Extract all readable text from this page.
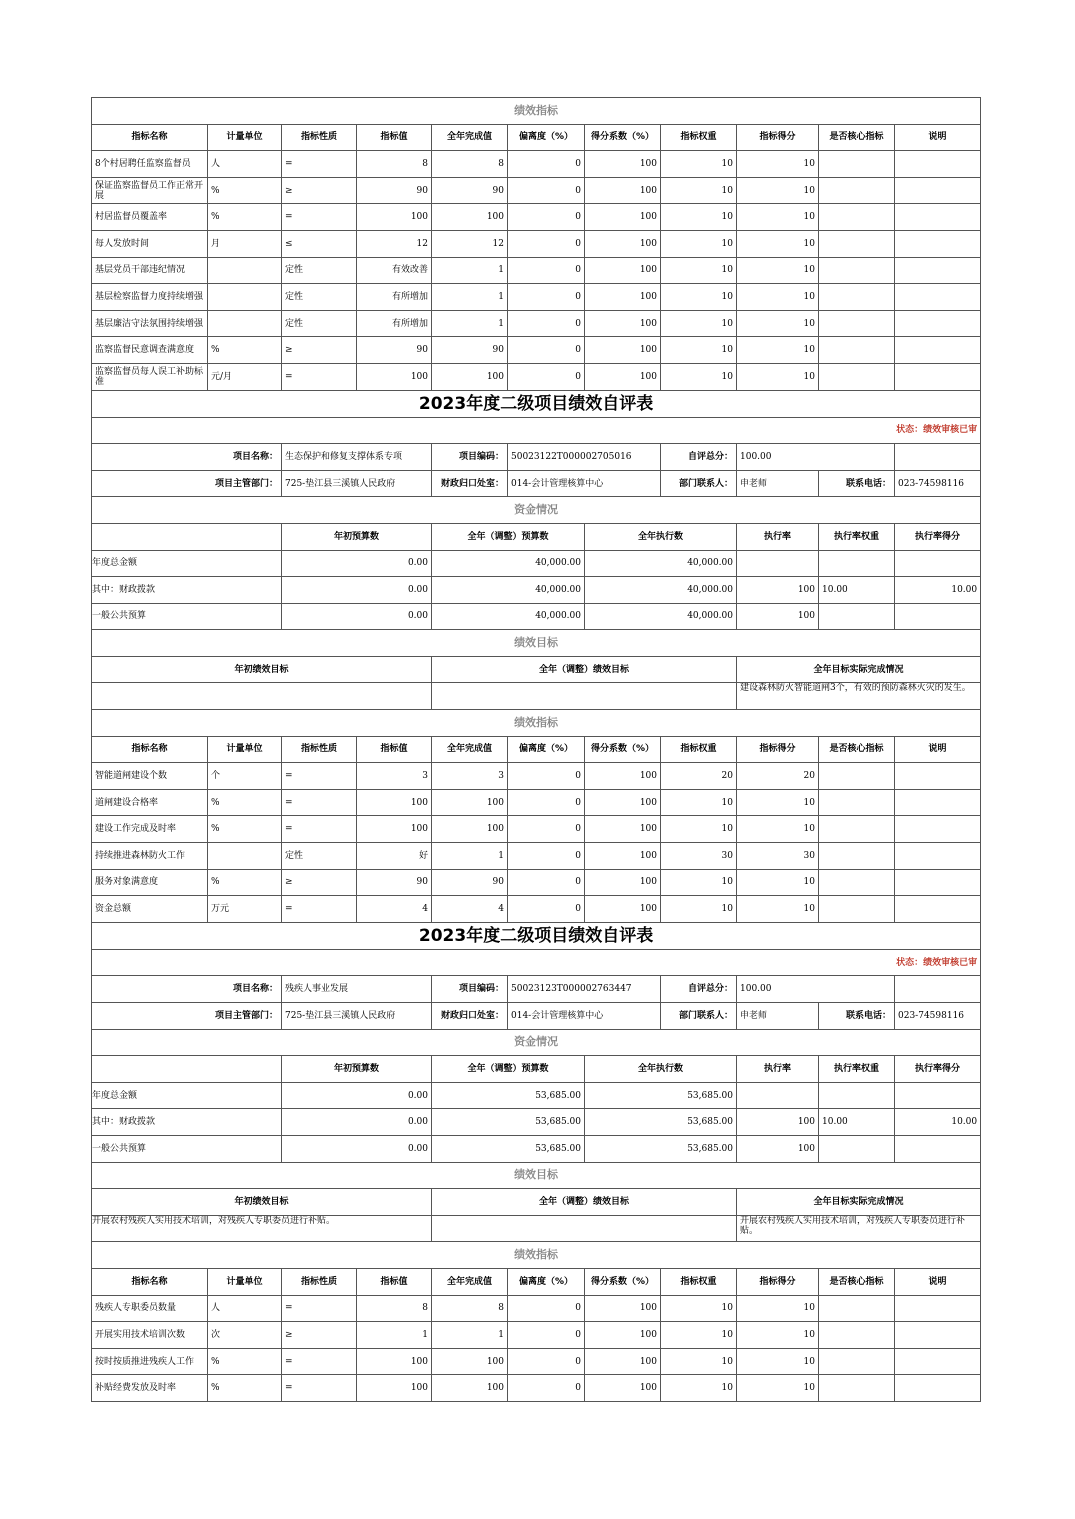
绩效指标										
指标名称	计量单位	指标性质	指标值	全年完成值	偏离度（%）	得分系数（%）	指标权重	指标得分	是否核心指标	说明
8个村居聘任监察监督员	人	=	8	8	0	100	10	10		
保证监察监督员工作正常开展	%	≥	90	90	0	100	10	10		
村居监督员覆盖率	%	=	100	100	0	100	10	10		
每人发放时间	月	≤	12	12	0	100	10	10		
基层党员干部违纪情况		定性	有效改善	1	0	100	10	10		
基层检察监督力度持续增强		定性	有所增加	1	0	100	10	10		
基层廉洁守法氛围持续增强		定性	有所增加	1	0	100	10	10		
监察监督民意调查满意度	%	≥	90	90	0	100	10	10		
监察监督员每人误工补助标准	元/月	=	100	100	0	100	10	10		
2023年度二级项目绩效自评表										
状态：绩效审核已审										
项目名称：		生态保护和修复支撑体系专项		项目编码：	50023122T000002705016		自评总分：	100.00		
项目主管部门：		725-垫江县三溪镇人民政府		财政归口处室：	014-会计管理核算中心		部门联系人：	申老师	联系电话：	023-74598116
资金情况										
		年初预算数		全年（调整）预算数		全年执行数		执行率	执行率权重	执行率得分
年度总金额		0.00		40,000.00		40,000.00				
其中：财政拨款		0.00		40,000.00		40,000.00		100	10.00	10.00
一般公共预算		0.00		40,000.00		40,000.00		100		
绩效目标										
年初绩效目标				全年（调整）绩效目标				全年目标实际完成情况		
								建设森林防火智能道闸3个，有效的预防森林火灾的发生。		
绩效指标										
指标名称	计量单位	指标性质	指标值	全年完成值	偏离度（%）	得分系数（%）	指标权重	指标得分	是否核心指标	说明
智能道闸建设个数	个	=	3	3	0	100	20	20		
道闸建设合格率	%	=	100	100	0	100	10	10		
建设工作完成及时率	%	=	100	100	0	100	10	10		
持续推进森林防火工作		定性	好	1	0	100	30	30		
服务对象满意度	%	≥	90	90	0	100	10	10		
资金总额	万元	=	4	4	0	100	10	10		
2023年度二级项目绩效自评表										
状态：绩效审核已审										
项目名称：		残疾人事业发展		项目编码：	50023123T000002763447		自评总分：	100.00		
项目主管部门：		725-垫江县三溪镇人民政府		财政归口处室：	014-会计管理核算中心		部门联系人：	申老师	联系电话：	023-74598116
资金情况										
		年初预算数		全年（调整）预算数		全年执行数		执行率	执行率权重	执行率得分
年度总金额		0.00		53,685.00		53,685.00				
其中：财政拨款		0.00		53,685.00		53,685.00		100	10.00	10.00
一般公共预算		0.00		53,685.00		53,685.00		100		
绩效目标										
年初绩效目标				全年（调整）绩效目标				全年目标实际完成情况		
开展农村残疾人实用技术培训，对残疾人专职委员进行补贴。								开展农村残疾人实用技术培训，对残疾人专职委员进行补贴。		
绩效指标										
指标名称	计量单位	指标性质	指标值	全年完成值	偏离度（%）	得分系数（%）	指标权重	指标得分	是否核心指标	说明
残疾人专职委员数量	人	=	8	8	0	100	10	10		
开展实用技术培训次数	次	≥	1	1	0	100	10	10		
按时按质推进残疾人工作	%	=	100	100	0	100	10	10		
补贴经费发放及时率	%	=	100	100	0	100	10	10		
